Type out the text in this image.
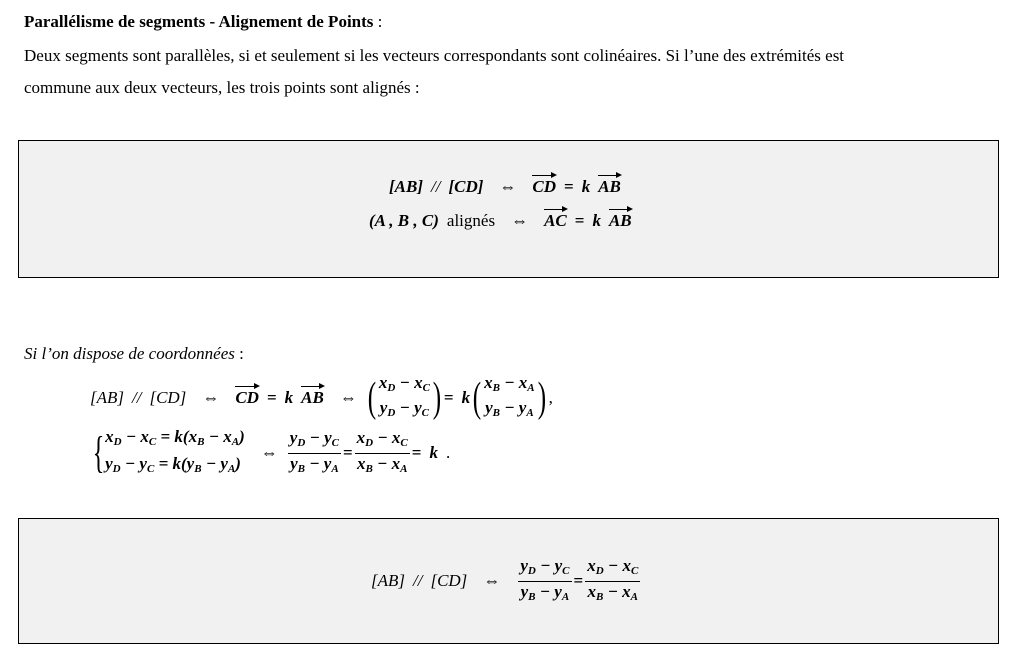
Parallélisme de segments - Alignement de Points :
Deux segments sont parallèles, si et seulement si les vecteurs correspondants sont colinéaires. Si l’une des extrémités est
commune aux deux vecteurs, les trois points sont alignés :
[AB] // [CD] ⇔ CD = k AB
(A , B , C) alignés ⇔ AC = k AB
Si l’on dispose de coordonnées :
[AB] // [CD] ⇔ CD = k AB ⇔ ( $x_D - x_C$
$y_D - y_C$ ) = k ( $x_B - x_A$
$y_B - y_A$ ) ,
{ $x_D - x_C = k(x_B - x_A)$
$y_D - y_C = k(y_B - y_A)$
⇔ $\frac{y_D - y_C}{y_B - y_A} = \frac{x_D - x_C}{x_B - x_A} = k$ .
[AB] // [CD] ⇔ $\frac{y_D - y_C}{y_B - y_A} = \frac{x_D - x_C}{x_B - x_A}$
